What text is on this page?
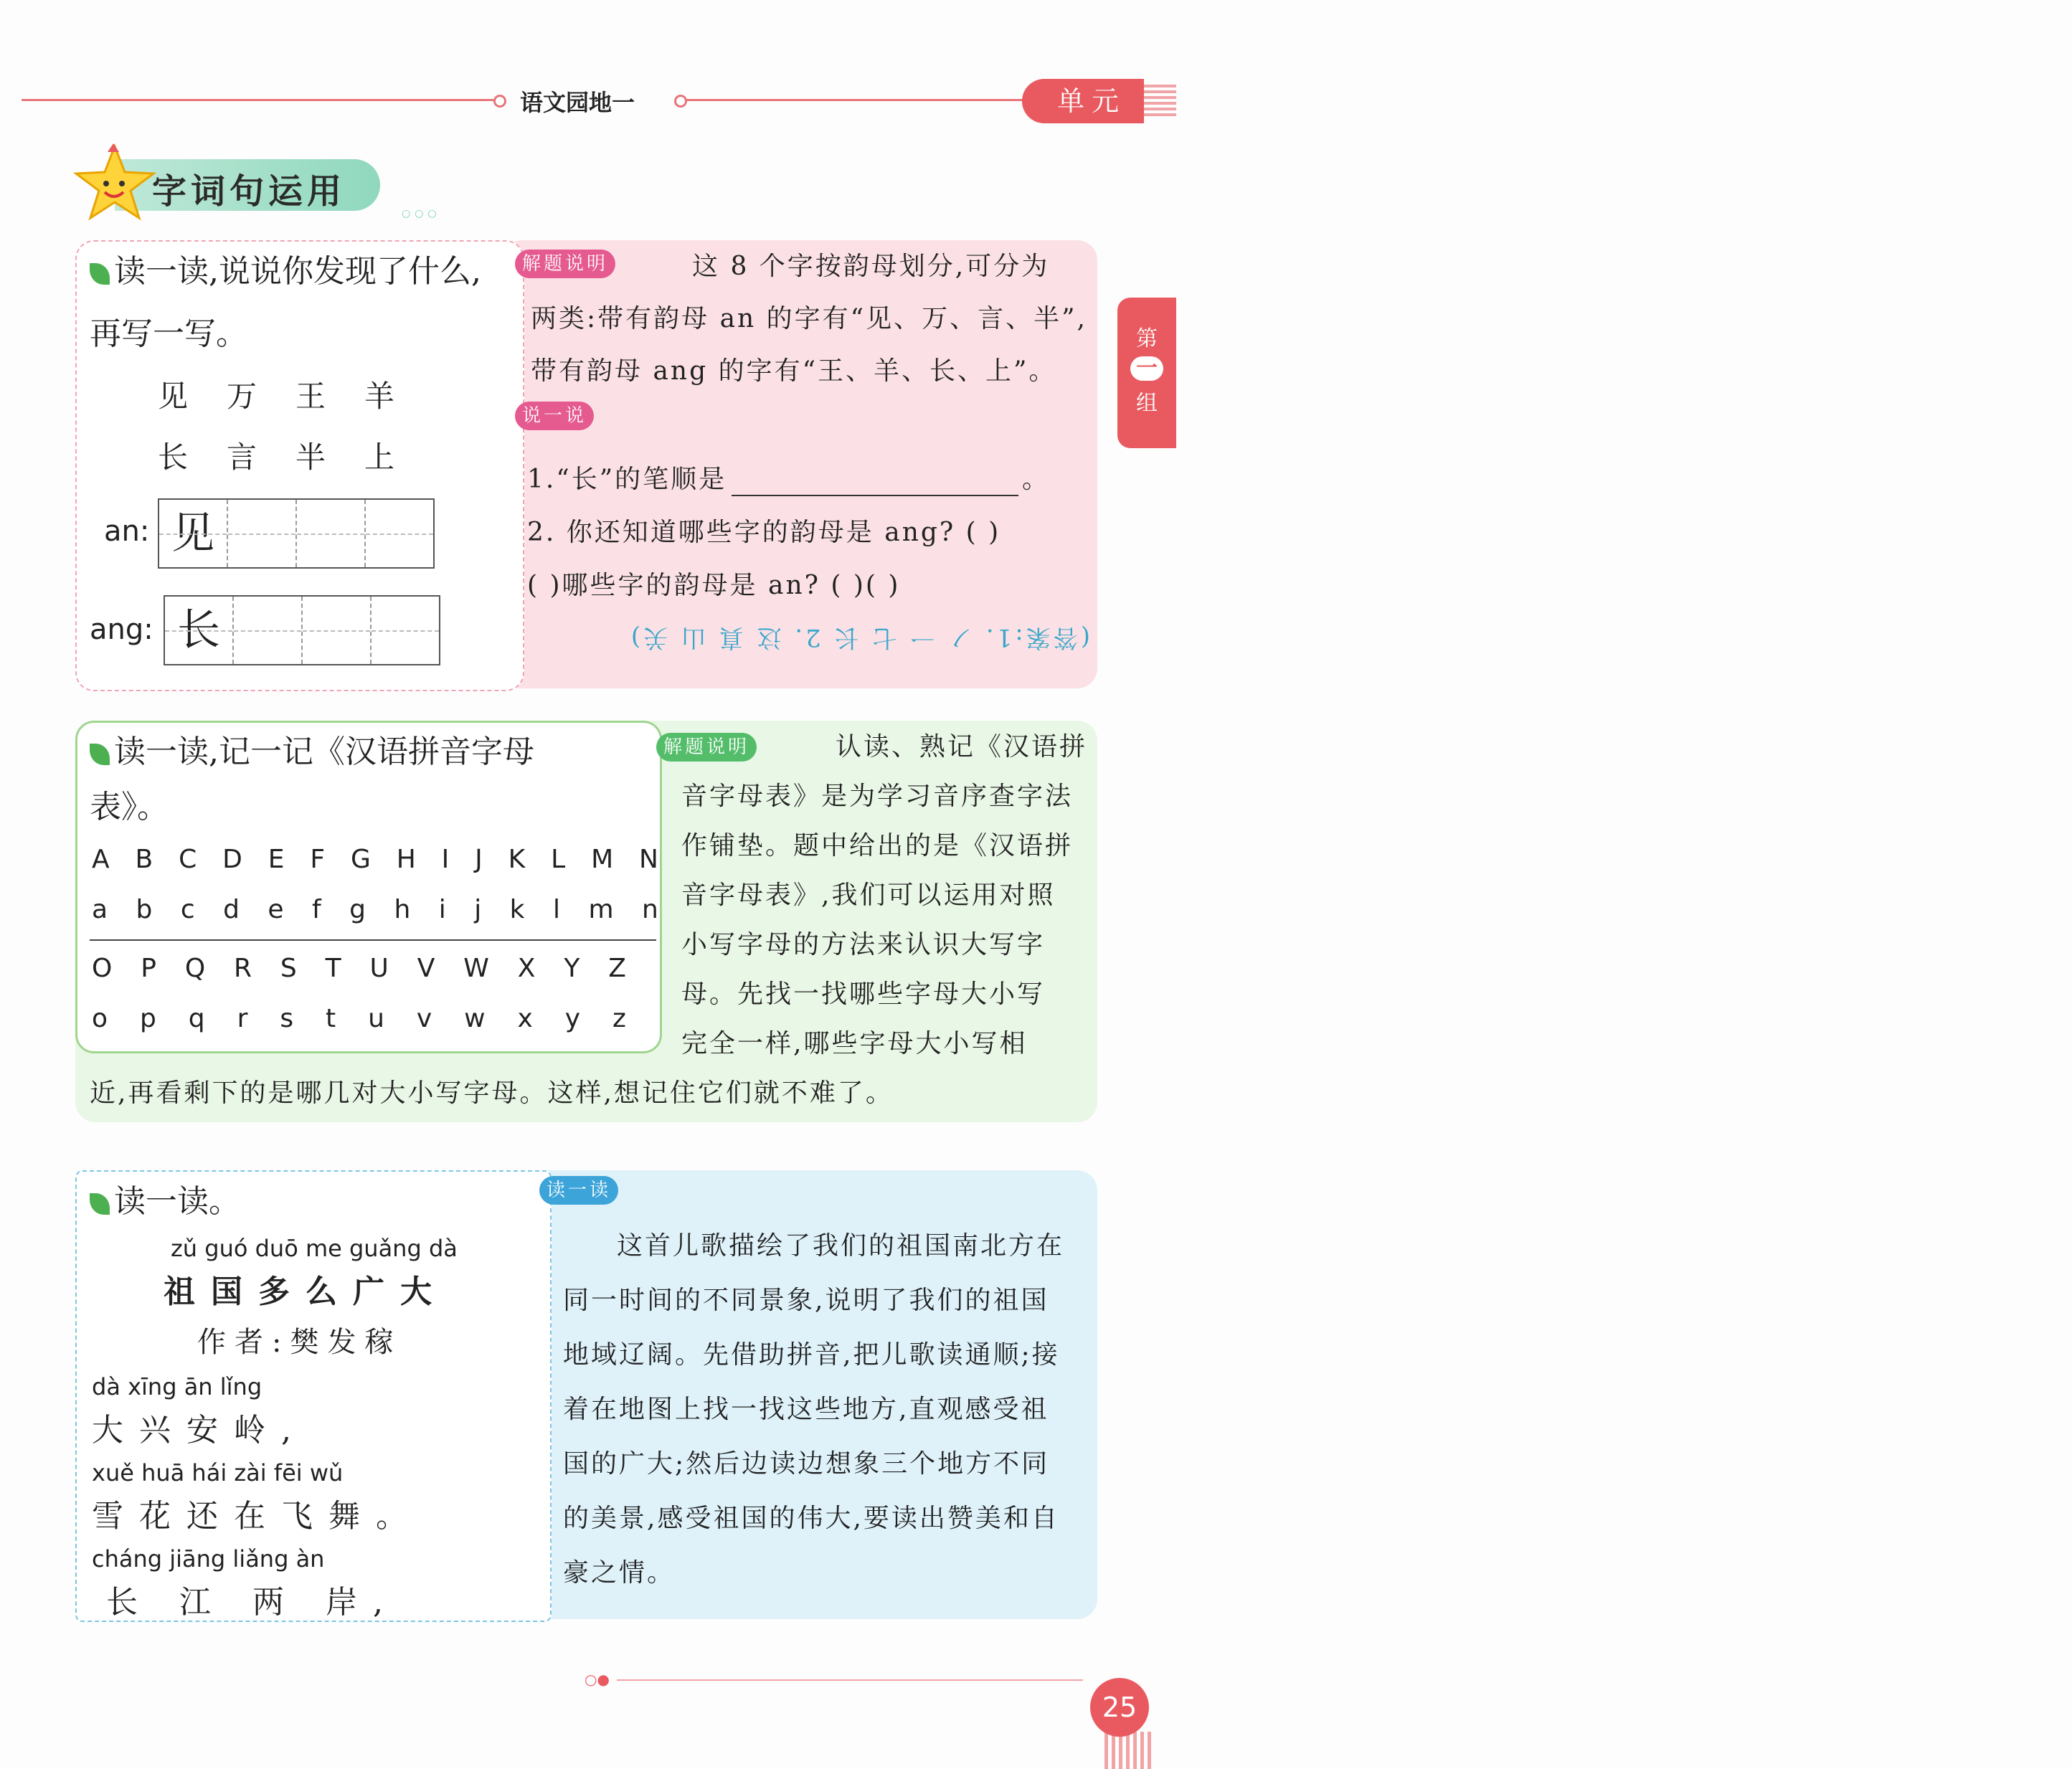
语文园地一
⇐
单元
第
一
组
字词句运用
○○○
读一读,说说你发现了什么,
再写一写。
见 万 王 羊
长 言 半 上
an: 见
ang: 长
解题说明	这 8 个字按韵母划分,可分为
两类:带有韵母 an 的字有“见、万、言、半”,
带有韵母 ang 的字有“王、羊、长、上”。
说一说
1.“长”的笔顺是	。
2. 你还知道哪些字的韵母是 ang? ( )
( )哪些字的韵母是 an? ( )( )
(答案:1. ノ 一 七 长 2. 这 真 山 关)
读一读,记一记《汉语拼音字母
表》。
A B C D E F G H I J K L M N
a b c d e f g h i j k l m n
O P Q R S T U V W X Y Z
o p q r s t u v w x y z
解题说明	认读、熟记《汉语拼
音字母表》是为学习音序查字法
作铺垫。题中给出的是《汉语拼
音字母表》,我们可以运用对照
小写字母的方法来认识大写字
母。先找一找哪些字母大小写
完全一样,哪些字母大小写相
近,再看剩下的是哪几对大小写字母。这样,想记住它们就不难了。
读一读。
zǔ guó duō me guǎng dà
祖国多么广大
作者:樊发稼
dà xīng ān lǐng
大兴安岭,
xuě huā hái zài fēi wǔ
雪花还在飞舞。
cháng jiāng liǎng àn
长 江 两 岸,
读一读
这首儿歌描绘了我们的祖国南北方在
同一时间的不同景象,说明了我们的祖国
地域辽阔。先借助拼音,把儿歌读通顺;接
着在地图上找一找这些地方,直观感受祖
国的广大;然后边读边想象三个地方不同
的美景,感受祖国的伟大,要读出赞美和自
豪之情。
○●
25
